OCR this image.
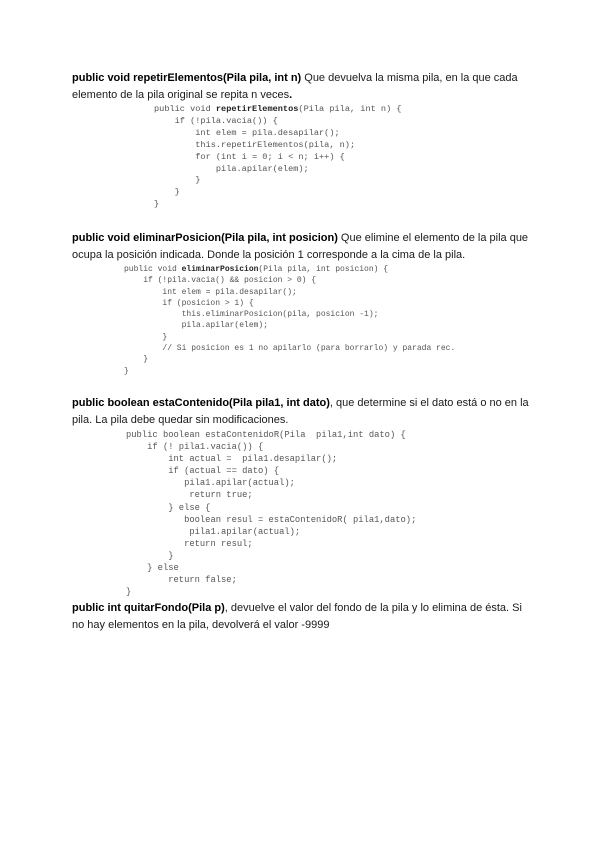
public void repetirElementos(Pila pila, int n) Que devuelva la misma pila, en la que cada elemento de la pila original se repita n veces.

public void repetirElementos(Pila pila, int n) {
if (!pila.vacia()) {
int elem = pila.desapilar();
this.repetirElementos(pila, n);
for (int i = 0; i < n; i++) {
pila.apilar(elem);
}
}
}

public void eliminarPosicion(Pila pila, int posicion) Que elimine el elemento de la pila que ocupa la posición indicada. Donde la posición 1 corresponde a la cima de la pila.

public void eliminarPosicion(Pila pila, int posicion) {
if (!pila.vacia() && posicion > 0) {
int elem = pila.desapilar();
if (posicion > 1) {
this.eliminarPosicion(pila, posicion -1);
pila.apilar(elem);
}
// Si posicion es 1 no apilarlo (para borrarlo) y parada rec.
}
}

public boolean estaContenido(Pila pila1, int dato), que determine si el dato está o no en la pila. La pila debe quedar sin modificaciones.

public boolean estaContenidoR(Pila  pila1,int dato) {
if (! pila1.vacia()) {
int actual =  pila1.desapilar();
if (actual == dato) {
pila1.apilar(actual);
return true;
} else {
boolean resul = estaContenidoR( pila1,dato);
pila1.apilar(actual);
return resul;
}
} else
return false;
}

public int quitarFondo(Pila p), devuelve el valor del fondo de la pila y lo elimina de ésta. Si no hay elementos en la pila, devolverá el valor -9999
